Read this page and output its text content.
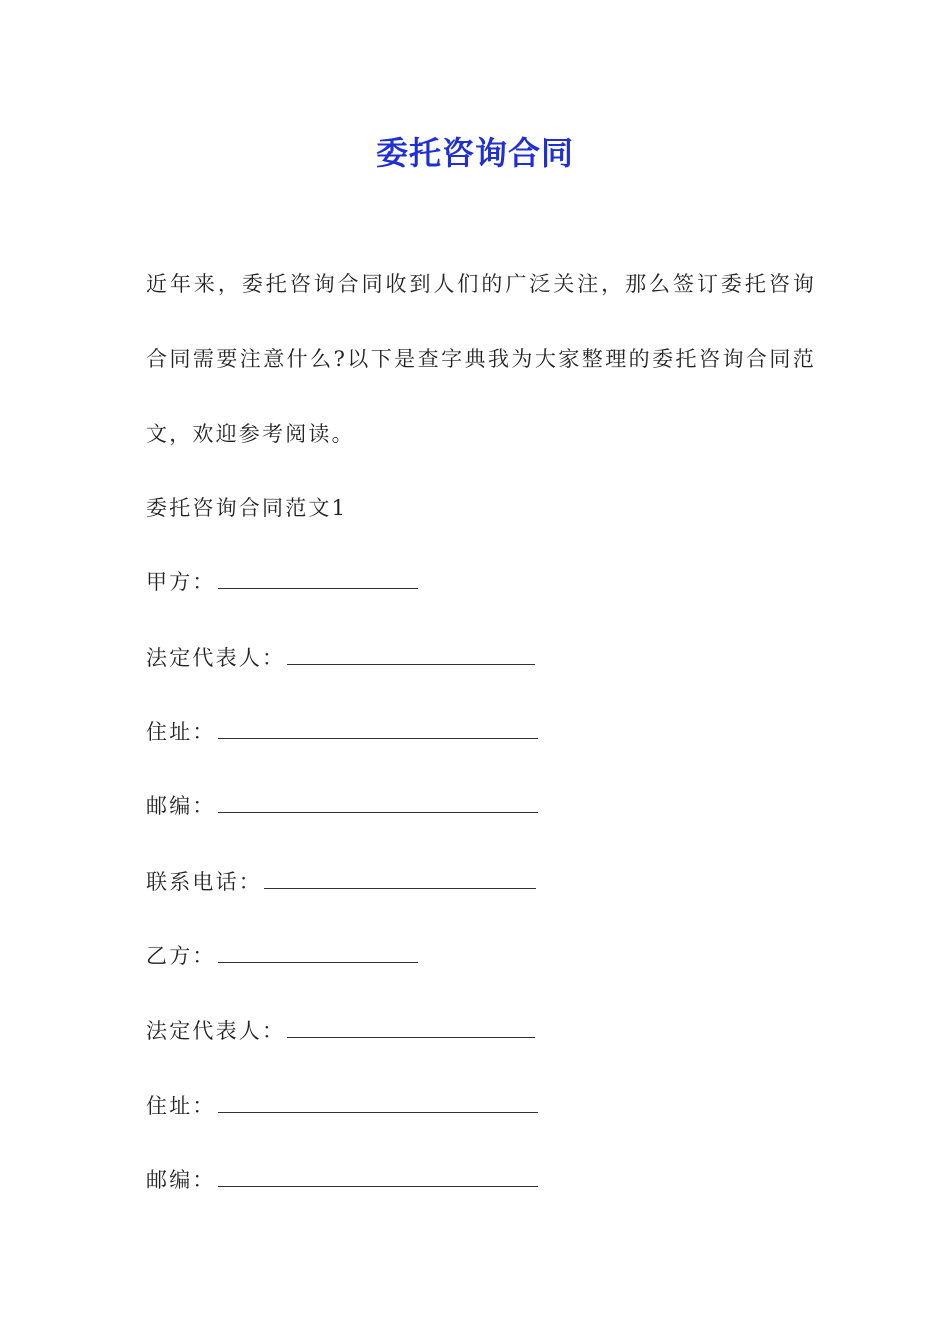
委托咨询合同
近年来，委托咨询合同收到人们的广泛关注，那么签订委托咨询合同需要注意什么?以下是查字典我为大家整理的委托咨询合同范文，欢迎参考阅读。
委托咨询合同范文1
甲方：
法定代表人：
住址：
邮编：
联系电话：
乙方：
法定代表人：
住址：
邮编：
